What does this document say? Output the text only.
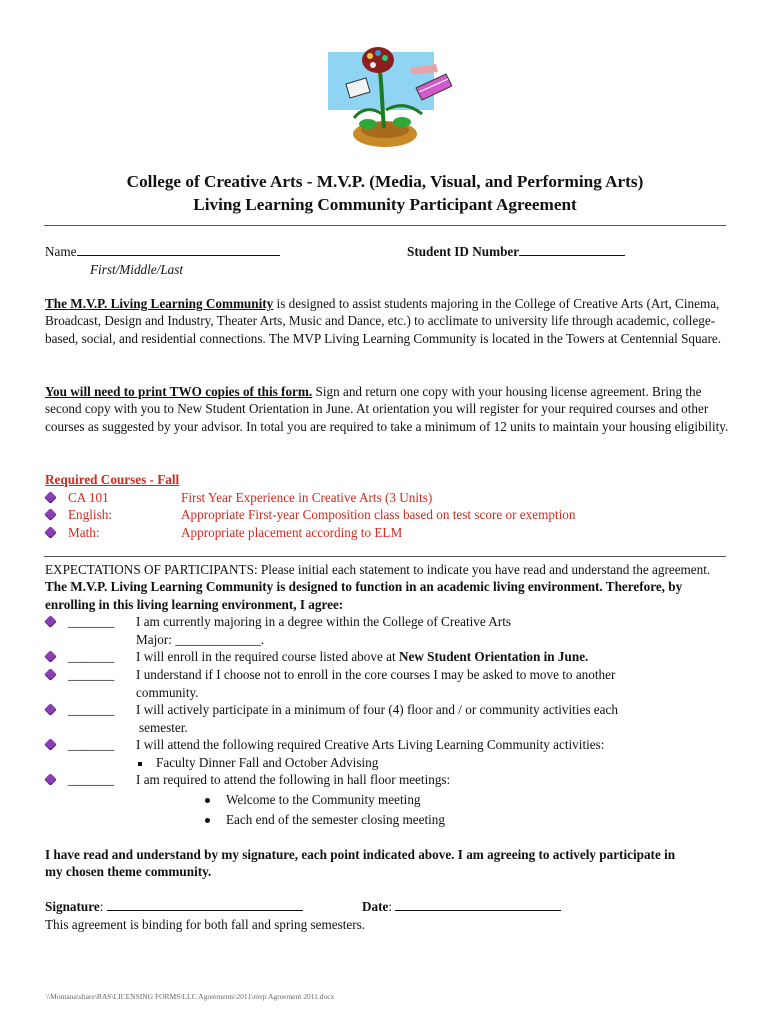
College of Creative Arts - M.V.P. (Media, Visual, and Performing Arts)
Living Learning Community Participant Agreement
Name
First/Middle/Last
Student ID Number
The M.V.P. Living Learning Community is designed to assist students majoring in the College of Creative Arts (Art, Cinema, Broadcast, Design and Industry, Theater Arts, Music and Dance, etc.) to acclimate to university life through academic, college-based, social, and residential connections. The MVP Living Learning Community is located in the Towers at Centennial Square.
You will need to print TWO copies of this form. Sign and return one copy with your housing license agreement. Bring the second copy with you to New Student Orientation in June. At orientation you will register for your required courses and other courses as suggested by your advisor. In total you are required to take a minimum of 12 units to maintain your housing eligibility.
Required Courses - Fall
CA 101	First Year Experience in Creative Arts (3 Units)
English:	Appropriate First-year Composition class based on test score or exemption
Math:	Appropriate placement according to ELM
EXPECTATIONS OF PARTICIPANTS: Please initial each statement to indicate you have read and understand the agreement. The M.V.P. Living Learning Community is designed to function in an academic living environment. Therefore, by enrolling in this living learning environment, I agree:
_______ I am currently majoring in a degree within the College of Creative Arts
Major: _____________.
_______ I will enroll in the required course listed above at New Student Orientation in June.
_______ I understand if I choose not to enroll in the core courses I may be asked to move to another
community.
_______ I will actively participate in a minimum of four (4) floor and / or community activities each
semester.
_______ I will attend the following required Creative Arts Living Learning Community activities:
Faculty Dinner Fall and October Advising
_______ I am required to attend the following in hall floor meetings:
Welcome to the Community meeting
Each end of the semester closing meeting
I have read and understand by my signature, each point indicated above. I am agreeing to actively participate in my chosen theme community.
Signature:	Date:
This agreement is binding for both fall and spring semesters.
\\Montana\share\RAS\LICENSING FORMS\LLC Agreements\2011\mvp Agreement 2011.docx
